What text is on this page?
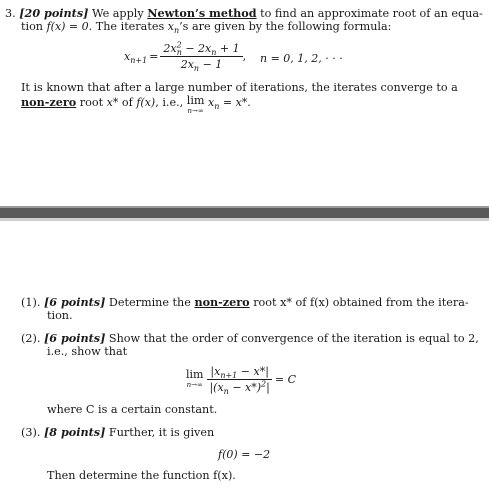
3. [20 points] We apply Newton’s method to find an approximate root of an equa-
tion f(x) = 0. The iterates $x_n’s$ are given by the following formula:
$x_{n+1} = \frac{2x^2_n - 2x_n + 1}{2x_n - 1}$ , n = 0, 1, 2, · · ·
It is known that after a large number of iterations, the iterates converge to a
non-zero root x* of f(x), i.e., lim
n→∞
$x_n = x*$.
(1). [6 points] Determine the non-zero root x* of f(x) obtained from the itera-
tion.
(2). [6 points] Show that the order of convergence of the iteration is equal to 2,
i.e., show that
lim
$n\to\infty \frac{|x_{n+1} - x*|}{|(x_n - x*)^2|} = C$
where C is a certain constant.
(3). [8 points] Further, it is given
f(0) = −2
Then determine the function f(x).
